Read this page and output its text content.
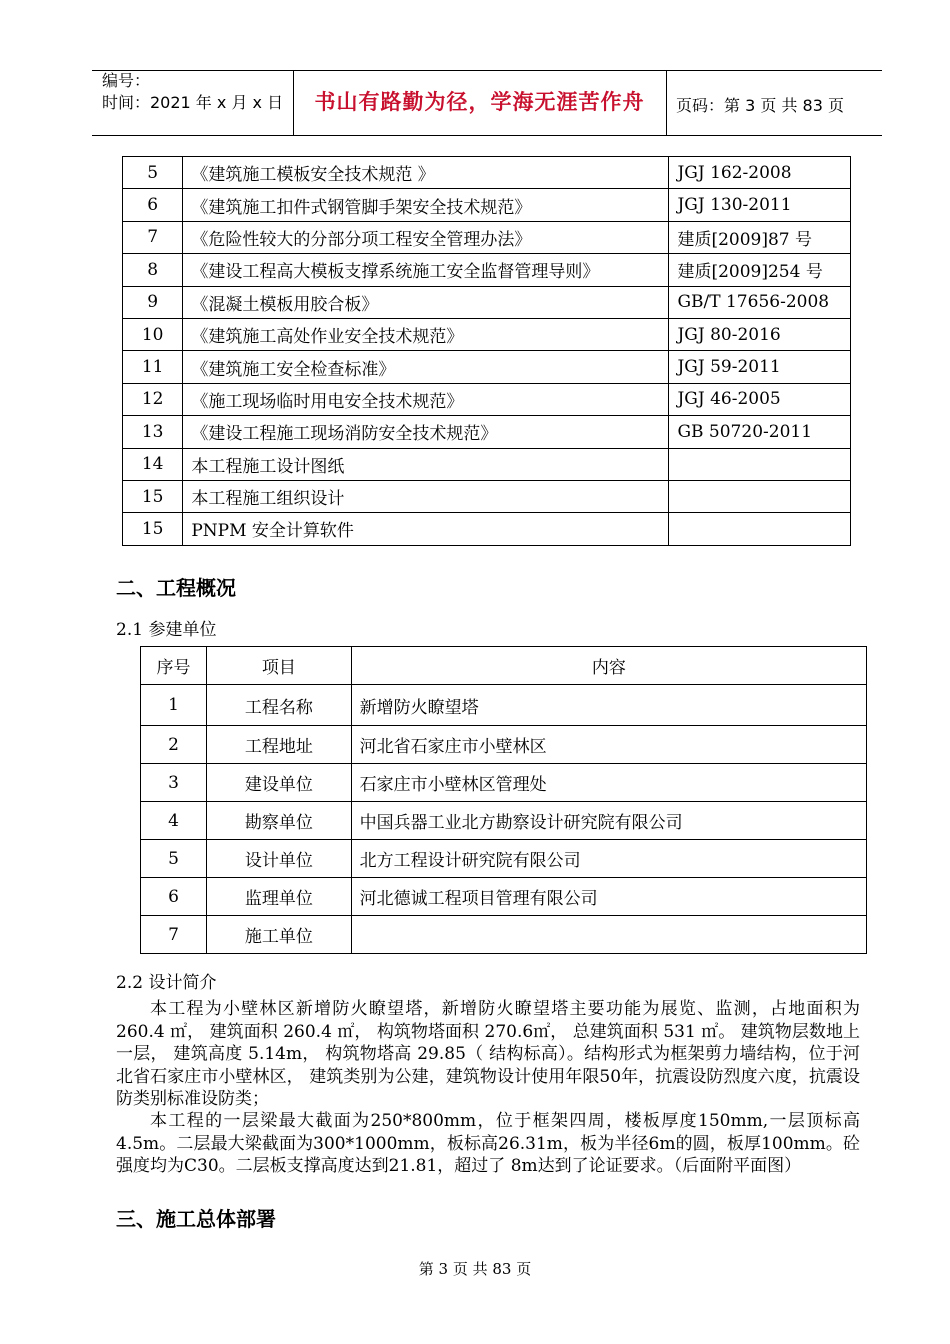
编号：
时间：2021 年 x 月 x 日	书山有路勤为径，学海无涯苦作舟	页码：第 3 页 共 83 页
5	《建筑施工模板安全技术规范 》	JGJ 162-2008
6	《建筑施工扣件式钢管脚手架安全技术规范》	JGJ 130-2011
7	《危险性较大的分部分项工程安全管理办法》	建质[2009]87 号
8	《建设工程高大模板支撑系统施工安全监督管理导则》	建质[2009]254 号
9	《混凝土模板用胶合板》	GB/T 17656-2008
10	《建筑施工高处作业安全技术规范》	JGJ 80-2016
11	《建筑施工安全检查标准》	JGJ 59-2011
12	《施工现场临时用电安全技术规范》	JGJ 46-2005
13	《建设工程施工现场消防安全技术规范》	GB 50720-2011
14	本工程施工设计图纸	
15	本工程施工组织设计	
15	PNPM 安全计算软件	
二、工程概况
2.1 参建单位
序号	项目	内容
1	工程名称	新增防火瞭望塔
2	工程地址	河北省石家庄市小壁林区
3	建设单位	石家庄市小壁林区管理处
4	勘察单位	中国兵器工业北方勘察设计研究院有限公司
5	设计单位	北方工程设计研究院有限公司
6	监理单位	河北德诚工程项目管理有限公司
7	施工单位	
2.2 设计简介

本工程为小壁林区新增防火瞭望塔，新增防火瞭望塔主要功能为展览、监测，占地面积为 260.4 ㎡， 建筑面积 260.4 ㎡， 构筑物塔面积 270.6㎡， 总建筑面积 531 ㎡。 建筑物层数地上一层， 建筑高度 5.14m， 构筑物塔高 29.85（ 结构标高）。结构形式为框架剪力墙结构，位于河北省石家庄市小壁林区， 建筑类别为公建，建筑物设计使用年限50年，抗震设防烈度六度，抗震设防类别标准设防类；

本工程的一层梁最大截面为250*800mm，位于框架四周，楼板厚度150mm,一层顶标高4.5m。二层最大梁截面为300*1000mm，板标高26.31m，板为半径6m的圆，板厚100mm。砼强度均为C30。二层板支撑高度达到21.81，超过了 8m达到了论证要求。（后面附平面图）

三、施工总体部署
第 3 页 共 83 页
